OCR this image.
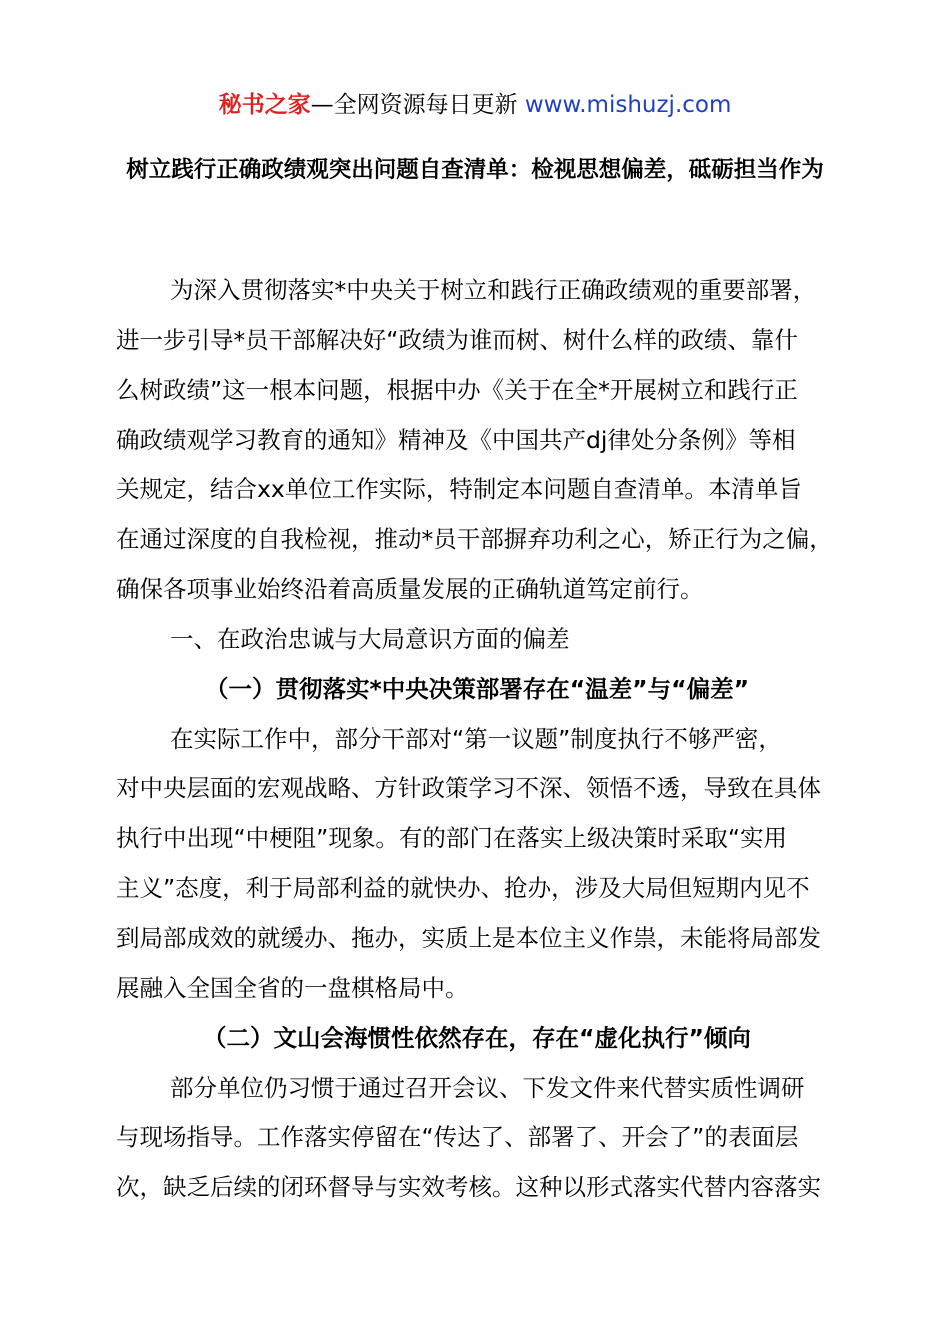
秘书之家—全网资源每日更新 www.mishuzj.com
树立践行正确政绩观突出问题自查清单：检视思想偏差，砥砺担当作为
为深入贯彻落实*中央关于树立和践行正确政绩观的重要部署，
进一步引导*员干部解决好“政绩为谁而树、树什么样的政绩、靠什
么树政绩”这一根本问题，根据中办《关于在全*开展树立和践行正
确政绩观学习教育的通知》精神及《中国共产dj律处分条例》等相
关规定，结合xx单位工作实际，特制定本问题自查清单。本清单旨
在通过深度的自我检视，推动*员干部摒弃功利之心，矫正行为之偏，
确保各项事业始终沿着高质量发展的正确轨道笃定前行。
一、在政治忠诚与大局意识方面的偏差
（一）贯彻落实*中央决策部署存在“温差”与“偏差”
在实际工作中，部分干部对“第一议题”制度执行不够严密，
对中央层面的宏观战略、方针政策学习不深、领悟不透，导致在具体
执行中出现“中梗阻”现象。有的部门在落实上级决策时采取“实用
主义”态度，利于局部利益的就快办、抢办，涉及大局但短期内见不
到局部成效的就缓办、拖办，实质上是本位主义作祟，未能将局部发
展融入全国全省的一盘棋格局中。
（二）文山会海惯性依然存在，存在“虚化执行”倾向
部分单位仍习惯于通过召开会议、下发文件来代替实质性调研
与现场指导。工作落实停留在“传达了、部署了、开会了”的表面层
次，缺乏后续的闭环督导与实效考核。这种以形式落实代替内容落实
